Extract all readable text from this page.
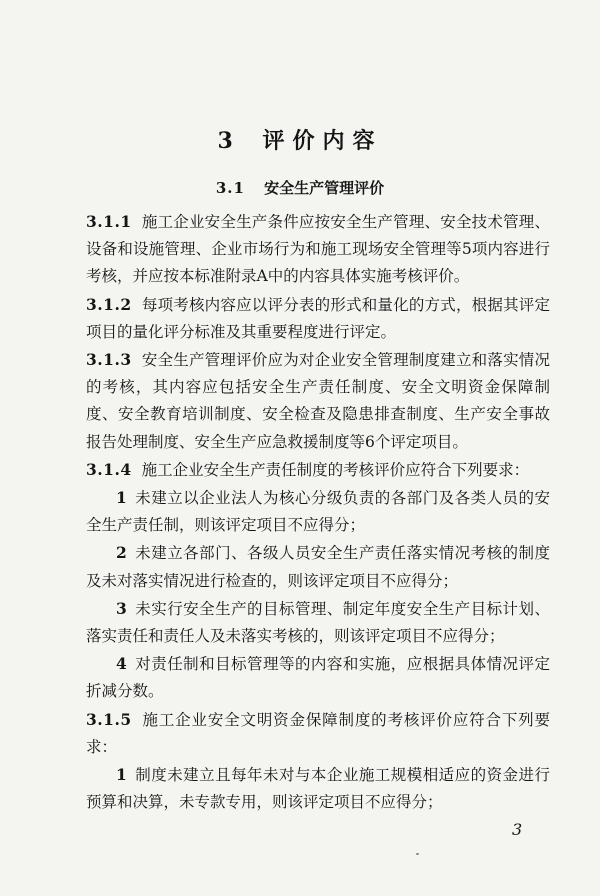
3 评价内容
3.1 安全生产管理评价

3.1.1 施工企业安全生产条件应按安全生产管理、安全技术管理、设备和设施管理、企业市场行为和施工现场安全管理等5项内容进行考核，并应按本标准附录A中的内容具体实施考核评价。

3.1.2 每项考核内容应以评分表的形式和量化的方式，根据其评定项目的量化评分标准及其重要程度进行评定。

3.1.3 安全生产管理评价应为对企业安全管理制度建立和落实情况的考核，其内容应包括安全生产责任制度、安全文明资金保障制度、安全教育培训制度、安全检查及隐患排查制度、生产安全事故报告处理制度、安全生产应急救援制度等6个评定项目。

3.1.4 施工企业安全生产责任制度的考核评价应符合下列要求：

1 未建立以企业法人为核心分级负责的各部门及各类人员的安全生产责任制，则该评定项目不应得分；

2 未建立各部门、各级人员安全生产责任落实情况考核的制度及未对落实情况进行检查的，则该评定项目不应得分；

3 未实行安全生产的目标管理、制定年度安全生产目标计划、落实责任和责任人及未落实考核的，则该评定项目不应得分；

4 对责任制和目标管理等的内容和实施，应根据具体情况评定折减分数。

3.1.5 施工企业安全文明资金保障制度的考核评价应符合下列要求：

1 制度未建立且每年未对与本企业施工规模相适应的资金进行预算和决算，未专款专用，则该评定项目不应得分；

3
